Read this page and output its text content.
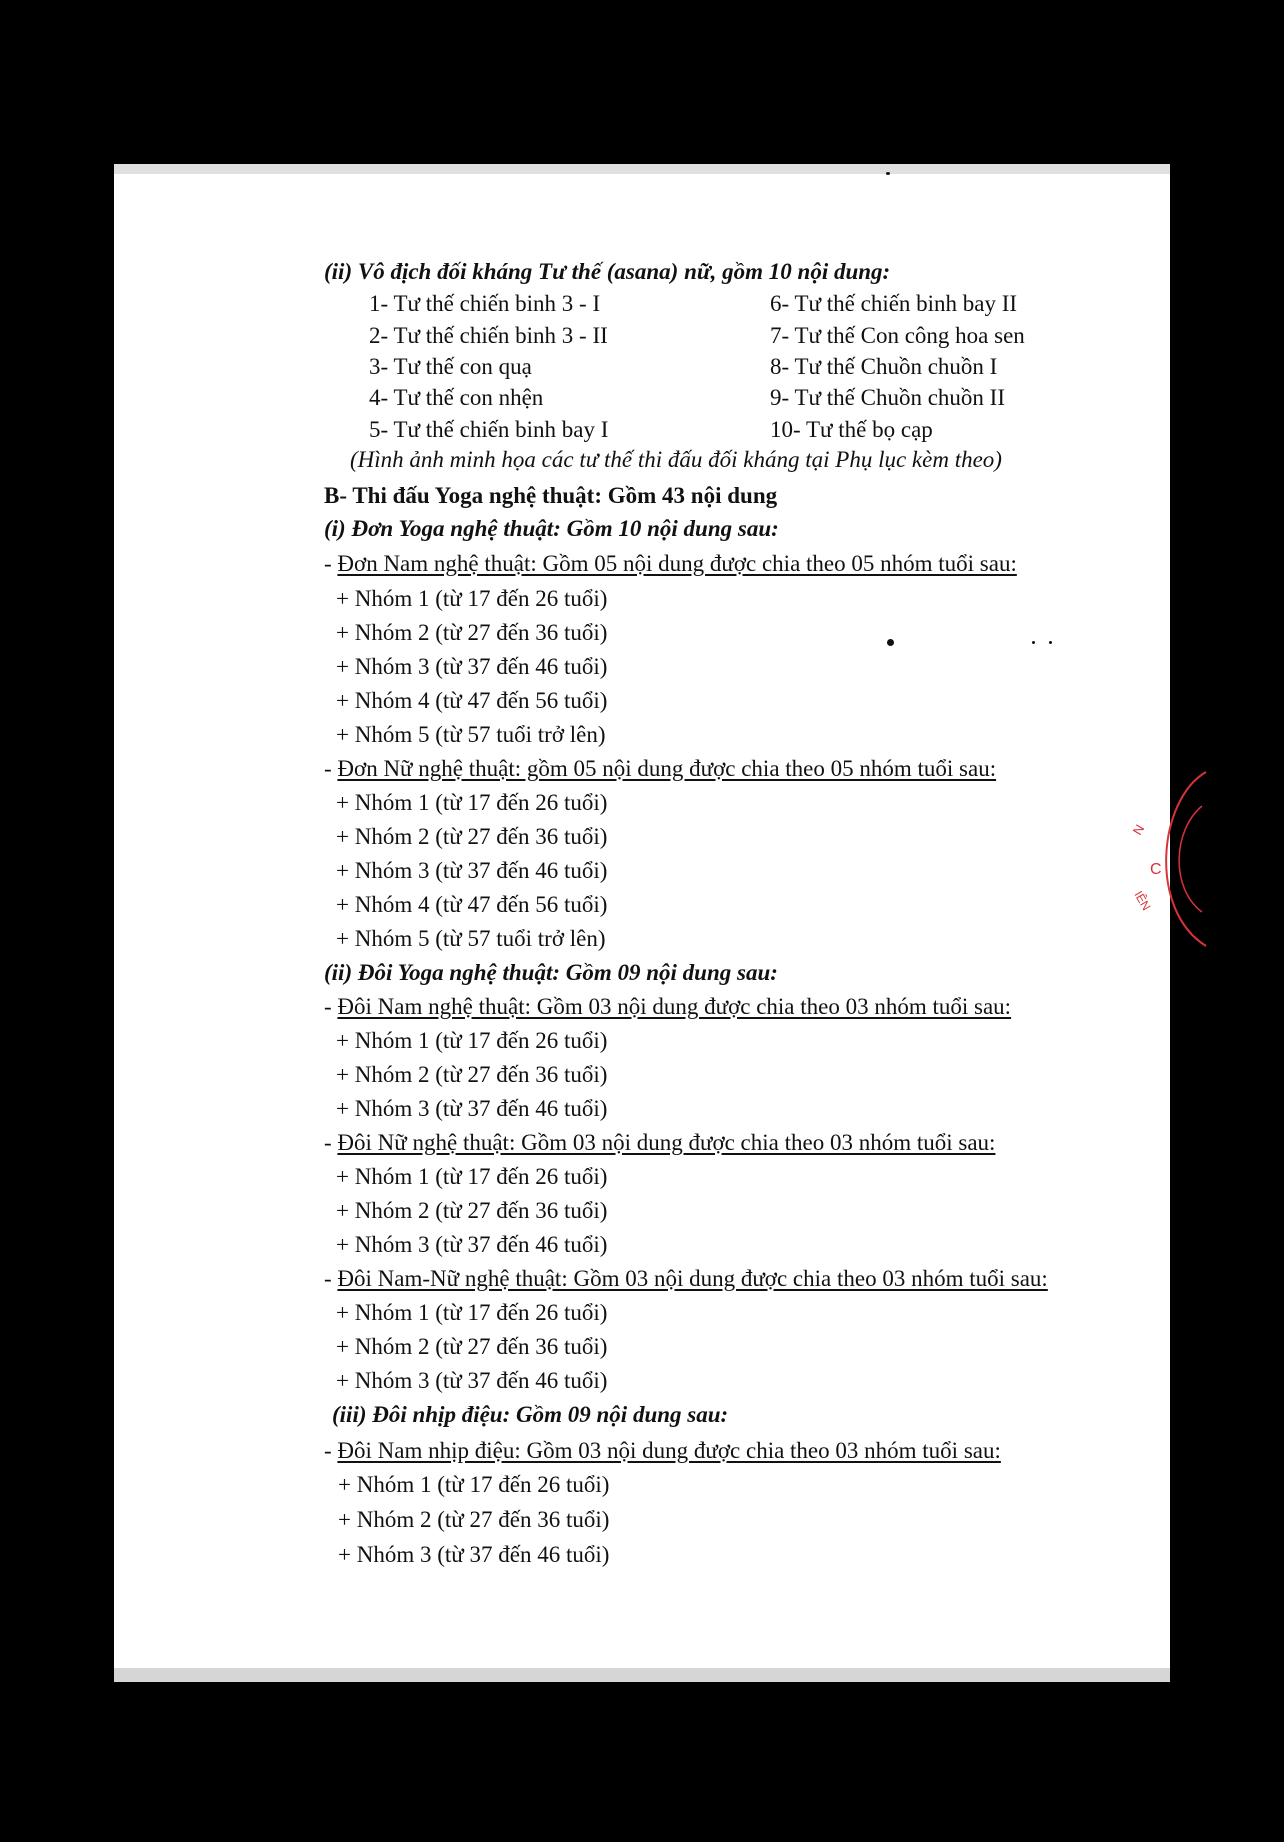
(ii) Vô địch đối kháng Tư thế (asana) nữ, gồm 10 nội dung:
1- Tư thế chiến binh 3 - I	6- Tư thế chiến binh bay II
2- Tư thế chiến binh 3 - II	7- Tư thế Con công hoa sen
3- Tư thế con quạ	8- Tư thế Chuồn chuồn I
4- Tư thế con nhện	9- Tư thế Chuồn chuồn II
5- Tư thế chiến binh bay I	10- Tư thế bọ cạp
(Hình ảnh minh họa các tư thế thi đấu đối kháng tại Phụ lục kèm theo)
B- Thi đấu Yoga nghệ thuật: Gồm 43 nội dung
(i) Đơn Yoga nghệ thuật: Gồm 10 nội dung sau:
- Đơn Nam nghệ thuật: Gồm 05 nội dung được chia theo 05 nhóm tuổi sau:
+ Nhóm 1 (từ 17 đến 26 tuổi)
+ Nhóm 2 (từ 27 đến 36 tuổi)
+ Nhóm 3 (từ 37 đến 46 tuổi)
+ Nhóm 4 (từ 47 đến 56 tuổi)
+ Nhóm 5 (từ 57 tuổi trở lên)
- Đơn Nữ nghệ thuật: gồm 05 nội dung được chia theo 05 nhóm tuổi sau:
+ Nhóm 1 (từ 17 đến 26 tuổi)
+ Nhóm 2 (từ 27 đến 36 tuổi)
+ Nhóm 3 (từ 37 đến 46 tuổi)
+ Nhóm 4 (từ 47 đến 56 tuổi)
+ Nhóm 5 (từ 57 tuổi trở lên)
(ii) Đôi Yoga nghệ thuật: Gồm 09 nội dung sau:
- Đôi Nam nghệ thuật: Gồm 03 nội dung được chia theo 03 nhóm tuổi sau:
+ Nhóm 1 (từ 17 đến 26 tuổi)
+ Nhóm 2 (từ 27 đến 36 tuổi)
+ Nhóm 3 (từ 37 đến 46 tuổi)
- Đôi Nữ nghệ thuật: Gồm 03 nội dung được chia theo 03 nhóm tuổi sau:
+ Nhóm 1 (từ 17 đến 26 tuổi)
+ Nhóm 2 (từ 27 đến 36 tuổi)
+ Nhóm 3 (từ 37 đến 46 tuổi)
- Đôi Nam-Nữ nghệ thuật: Gồm 03 nội dung được chia theo 03 nhóm tuổi sau:
+ Nhóm 1 (từ 17 đến 26 tuổi)
+ Nhóm 2 (từ 27 đến 36 tuổi)
+ Nhóm 3 (từ 37 đến 46 tuổi)
(iii) Đôi nhịp điệu: Gồm 09 nội dung sau:
- Đôi Nam nhịp điệu: Gồm 03 nội dung được chia theo 03 nhóm tuổi sau:
+ Nhóm 1 (từ 17 đến 26 tuổi)
+ Nhóm 2 (từ 27 đến 36 tuổi)
+ Nhóm 3 (từ 37 đến 46 tuổi)
N
C
IÊN
